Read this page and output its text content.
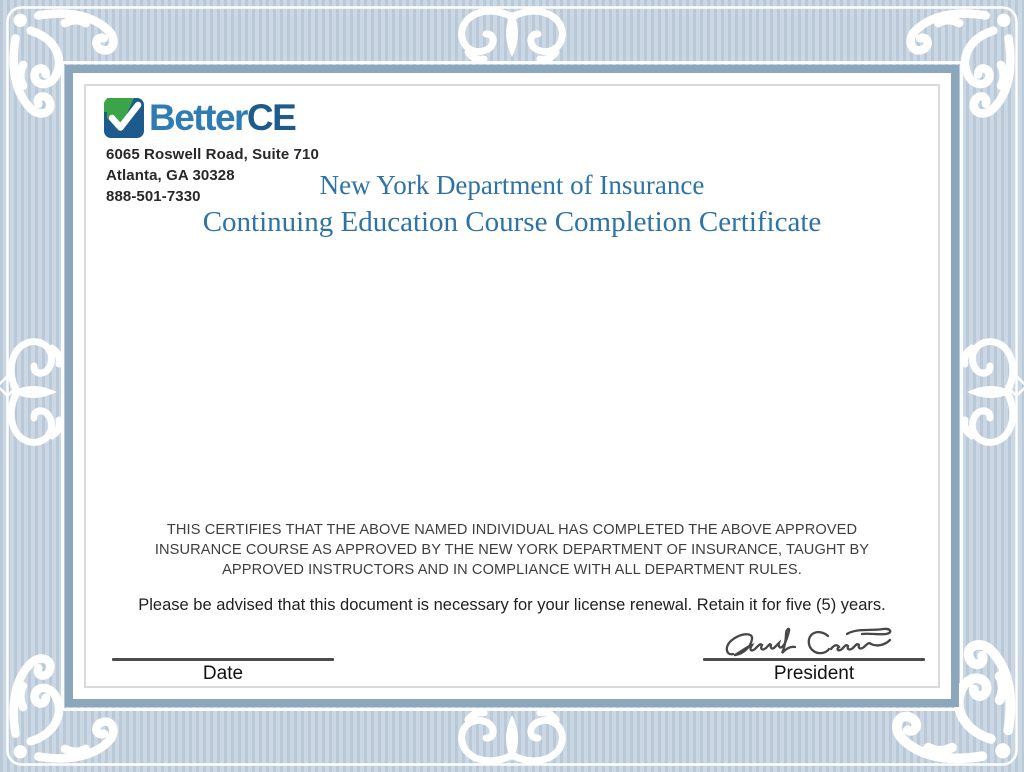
BetterCE
6065 Roswell Road, Suite 710
Atlanta, GA 30328
888-501-7330	New York Department of Insurance
Continuing Education Course Completion Certificate

THIS CERTIFIES THAT THE ABOVE NAMED INDIVIDUAL HAS COMPLETED THE ABOVE APPROVED INSURANCE COURSE AS APPROVED BY THE NEW YORK DEPARTMENT OF INSURANCE, TAUGHT BY APPROVED INSTRUCTORS AND IN COMPLIANCE WITH ALL DEPARTMENT RULES.

Please be advised that this document is necessary for your license renewal. Retain it for five (5) years.

Date	President
